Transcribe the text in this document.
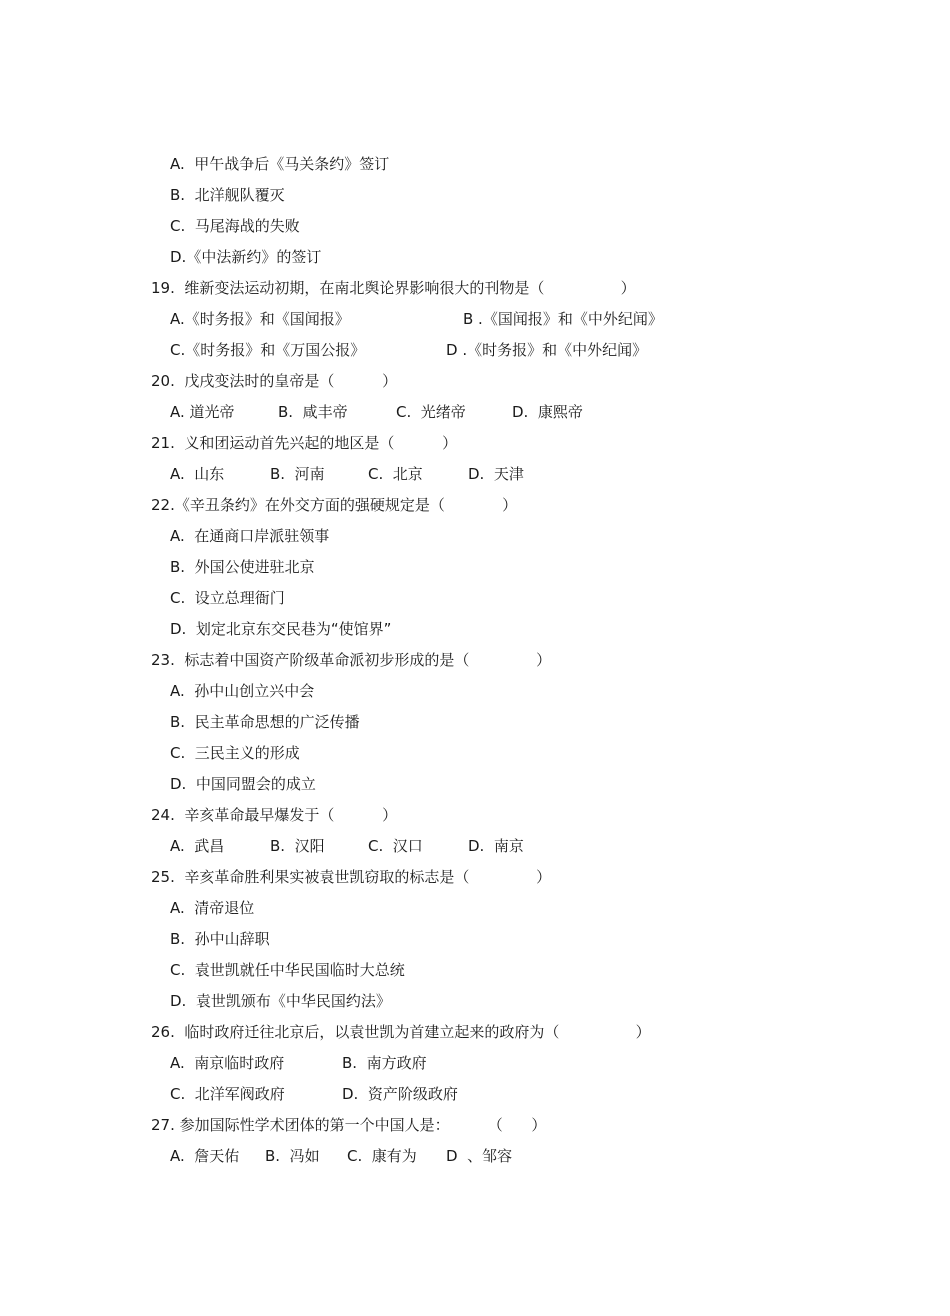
A.  甲午战争后《马关条约》签订
B.  北洋舰队覆灭
C.  马尾海战的失败
D.《中法新约》的签订
19.  维新变法运动初期，在南北舆论界影响很大的刊物是（                ）
A.《时务报》和《国闻报》	B .《国闻报》和《中外纪闻》
C.《时务报》和《万国公报》	D .《时务报》和《中外纪闻》
20.  戊戌变法时的皇帝是（          ）
A. 道光帝	B.  咸丰帝	C.  光绪帝	D.  康熙帝
21.  义和团运动首先兴起的地区是（          ）
A.  山东	B.  河南	C.  北京	D.  天津
22.《辛丑条约》在外交方面的强硬规定是（            ）
A.  在通商口岸派驻领事
B.  外国公使进驻北京
C.  设立总理衙门
D.  划定北京东交民巷为“使馆界”
23.  标志着中国资产阶级革命派初步形成的是（              ）
A.  孙中山创立兴中会
B.  民主革命思想的广泛传播
C.  三民主义的形成
D.  中国同盟会的成立
24.  辛亥革命最早爆发于（          ）
A.  武昌	B.  汉阳	C.  汉口	D.  南京
25.  辛亥革命胜利果实被袁世凯窃取的标志是（              ）
A.  清帝退位
B.  孙中山辞职
C.  袁世凯就任中华民国临时大总统
D.  袁世凯颁布《中华民国约法》
26.  临时政府迁往北京后，以袁世凯为首建立起来的政府为（                ）
A.  南京临时政府	B.  南方政府
C.  北洋军阀政府	D.  资产阶级政府
27. 参加国际性学术团体的第一个中国人是：        （      ）
A.  詹天佑 B.  冯如 C.  康有为 D  、邹容
